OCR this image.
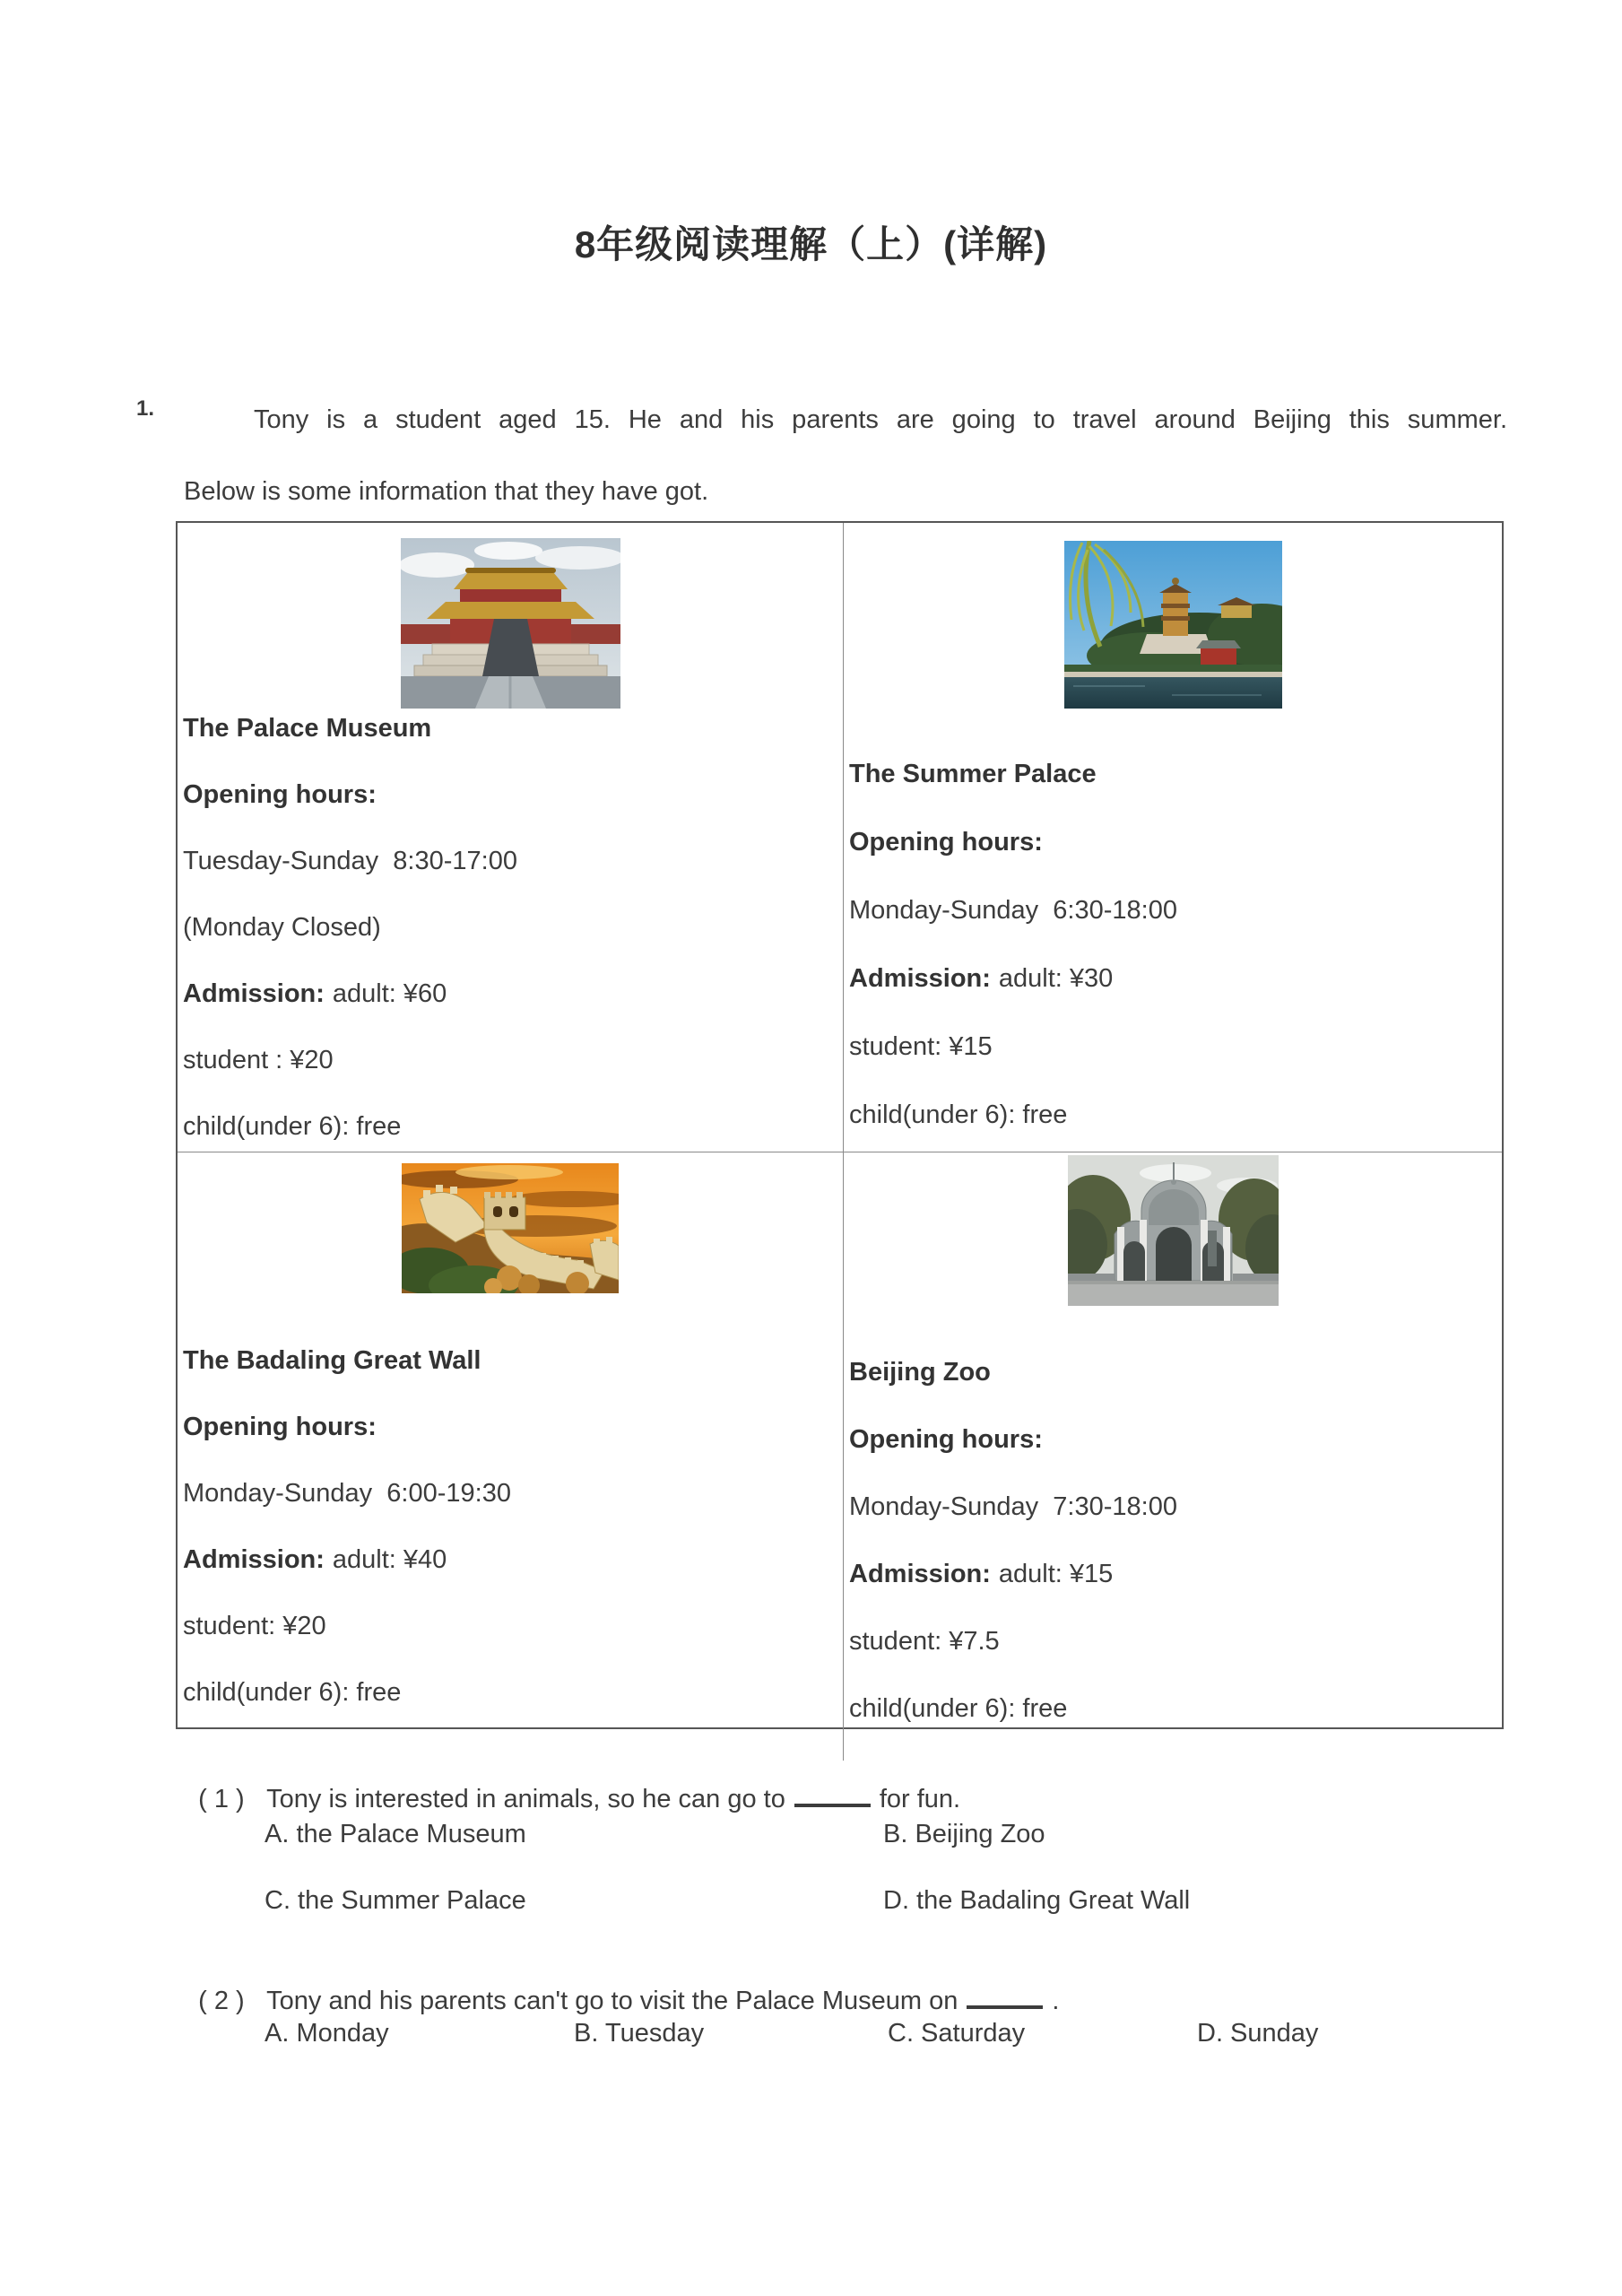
8年级阅读理解（上）(详解)
1.	Tony is a student aged 15. He and his parents are going to travel around Beijing this summer.

Below is some information that they have got.

The Palace Museum

Opening hours:

Tuesday-Sunday  8:30-17:00

(Monday Closed)

Admission: adult: ¥60

student : ¥20

child(under 6): free

The Summer Palace

Opening hours:

Monday-Sunday  6:30-18:00

Admission: adult: ¥30

student: ¥15

child(under 6): free

The Badaling Great Wall

Opening hours:

Monday-Sunday  6:00-19:30

Admission: adult: ¥40

student: ¥20

child(under 6): free

Beijing Zoo

Opening hours:

Monday-Sunday  7:30-18:00

Admission: adult: ¥15

student: ¥7.5

child(under 6): free

( 1 ) Tony is interested in animals, so he can go to	for fun.

A. the Palace Museum	B. Beijing Zoo
C. the Summer Palace	D. the Badaling Great Wall

( 2 ) Tony and his parents can't go to visit the Palace Museum on	.

A. Monday	B. Tuesday	C. Saturday	D. Sunday
